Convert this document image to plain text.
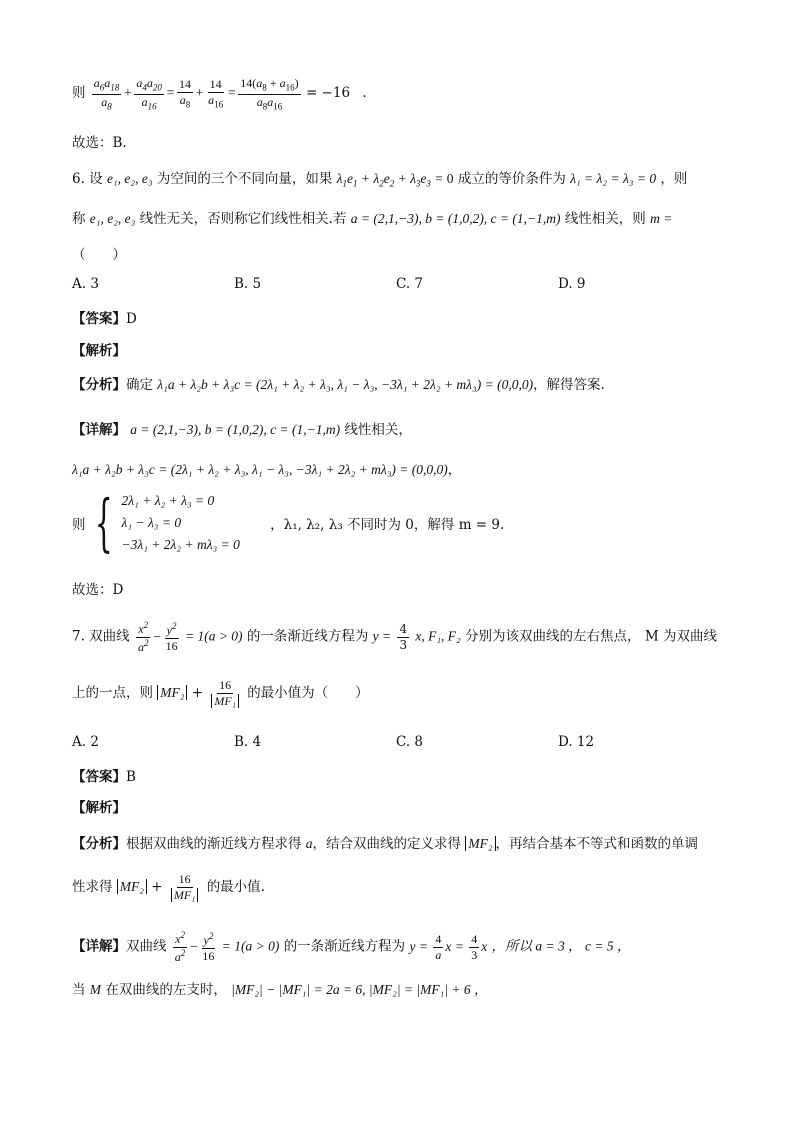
则 $\frac{a_6a_{18}}{a_8} + \frac{a_4a_{20}}{a_{16}} = \frac{14}{a_8} + \frac{14}{a_{16}} = \frac{14(a_8 + a_{16})}{a_8a_{16}} = -16$ .
故选：B.
6. 设 e₁, e₂, e₃ 为空间的三个不同向量，如果 $\lambda_1e_1 + \lambda_2e_2 + \lambda_3e_3 = 0$ 成立的等价条件为 λ₁ = λ₂ = λ₃ = 0 ，则
称 e₁, e₂, e₃ 线性无关，否则称它们线性相关.若 a = (2,1,−3), b = (1,0,2), c = (1,−1,m) 线性相关，则 m =
（　　）
A. 3	B. 5	C. 7	D. 9
【答案】D
【解析】
【分析】确定 λ₁a + λ₂b + λ₃c = (2λ₁ + λ₂ + λ₃, λ₁ − λ₃, −3λ₁ + 2λ₂ + mλ₃) = (0,0,0)，解得答案.
【详解】 a = (2,1,−3), b = (1,0,2), c = (1,−1,m) 线性相关，
λ₁a + λ₂b + λ₃c = (2λ₁ + λ₂ + λ₃, λ₁ − λ₃, −3λ₁ + 2λ₂ + mλ₃) = (0,0,0)，
则 { 2λ₁ + λ₂ + λ₃ = 0
λ₁ − λ₃ = 0
−3λ₁ + 2λ₂ + mλ₃ = 0
，λ₁, λ₂, λ₃ 不同时为 0，解得 m = 9.
故选：D
7. 双曲线 $\frac{x^2}{a^2} - \frac{y^2}{16} = 1(a > 0)$ 的一条渐近线方程为 $y = \frac{4}{3} x$, F₁, F₂ 分别为该双曲线的左右焦点， M 为双曲线
上的一点，则 $MF_2 + \frac{16}{\text{MF₁}}$ 的最小值为（　　）
A. 2	B. 4	C. 8	D. 12
【答案】B
【解析】
【分析】根据双曲线的渐近线方程求得 a，结合双曲线的定义求得 MF₂ ，再结合基本不等式和函数的单调
性求得 $MF_2 + \frac{16}{\text{MF₁}}$ 的最小值.
【详解】双曲线 $\frac{x^2}{a^2} - \frac{y^2}{16} = 1(a > 0)$ 的一条渐近线方程为 $y = \frac{4}{a}$ $x = \frac{4}{3}$ x ，所以 a = 3 ， c = 5 ，
当 M 在双曲线的左支时， |MF₂| − |MF₁| = 2a = 6, |MF₂| = |MF₁| + 6 ，
